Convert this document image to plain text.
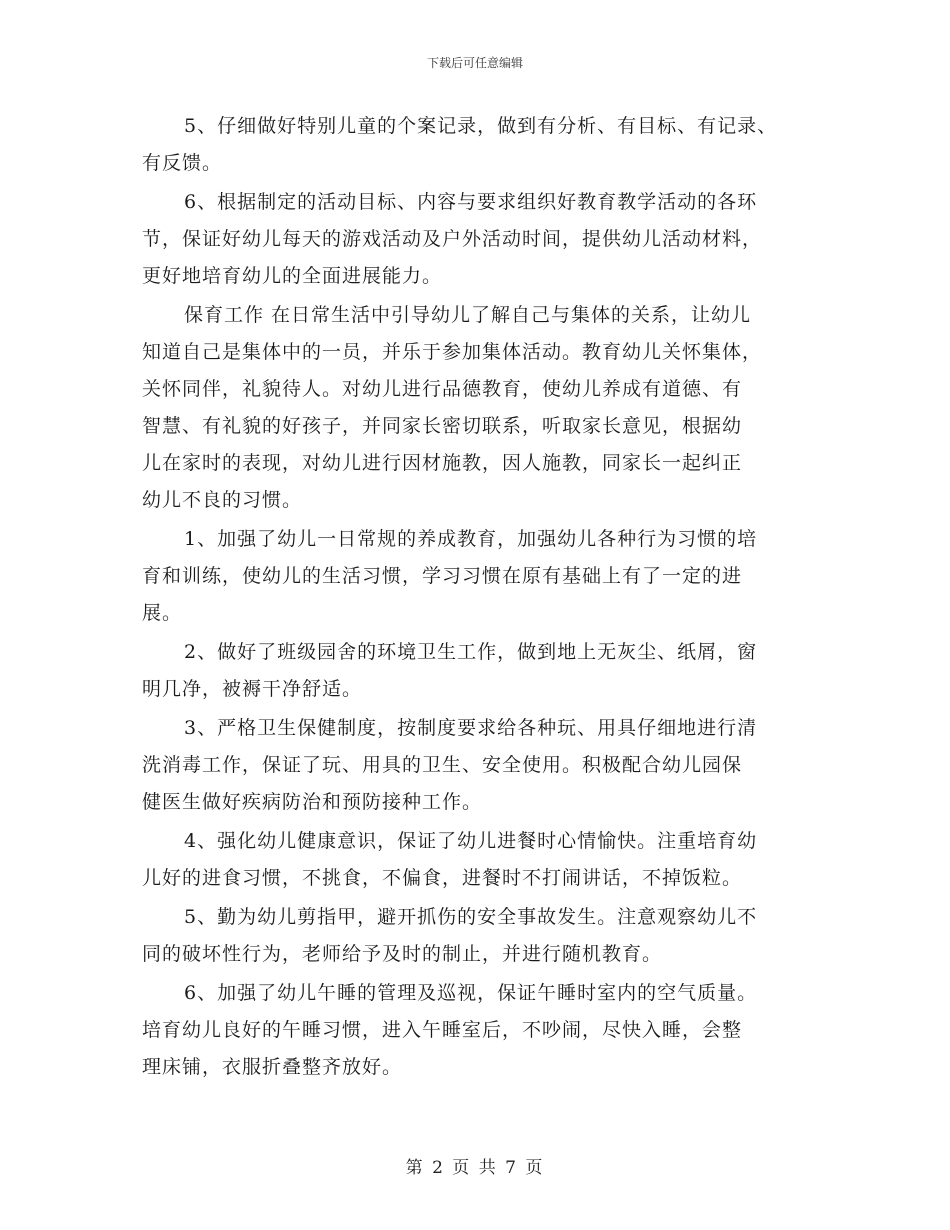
下载后可任意编辑
5、仔细做好特别儿童的个案记录，做到有分析、有目标、有记录、
有反馈。
6、根据制定的活动目标、内容与要求组织好教育教学活动的各环
节，保证好幼儿每天的游戏活动及户外活动时间，提供幼儿活动材料，
更好地培育幼儿的全面进展能力。
保育工作 在日常生活中引导幼儿了解自己与集体的关系，让幼儿
知道自己是集体中的一员，并乐于参加集体活动。教育幼儿关怀集体，
关怀同伴，礼貌待人。对幼儿进行品德教育，使幼儿养成有道德、有
智慧、有礼貌的好孩子，并同家长密切联系，听取家长意见，根据幼
儿在家时的表现，对幼儿进行因材施教，因人施教，同家长一起纠正
幼儿不良的习惯。
1、加强了幼儿一日常规的养成教育，加强幼儿各种行为习惯的培
育和训练，使幼儿的生活习惯，学习习惯在原有基础上有了一定的进
展。
2、做好了班级园舍的环境卫生工作，做到地上无灰尘、纸屑，窗
明几净，被褥干净舒适。
3、严格卫生保健制度，按制度要求给各种玩、用具仔细地进行清
洗消毒工作，保证了玩、用具的卫生、安全使用。积极配合幼儿园保
健医生做好疾病防治和预防接种工作。
4、强化幼儿健康意识，保证了幼儿进餐时心情愉快。注重培育幼
儿好的进食习惯，不挑食，不偏食，进餐时不打闹讲话，不掉饭粒。
5、勤为幼儿剪指甲，避开抓伤的安全事故发生。注意观察幼儿不
同的破坏性行为，老师给予及时的制止，并进行随机教育。
6、加强了幼儿午睡的管理及巡视，保证午睡时室内的空气质量。
培育幼儿良好的午睡习惯，进入午睡室后，不吵闹，尽快入睡，会整
理床铺，衣服折叠整齐放好。
第 2 页 共 7 页
